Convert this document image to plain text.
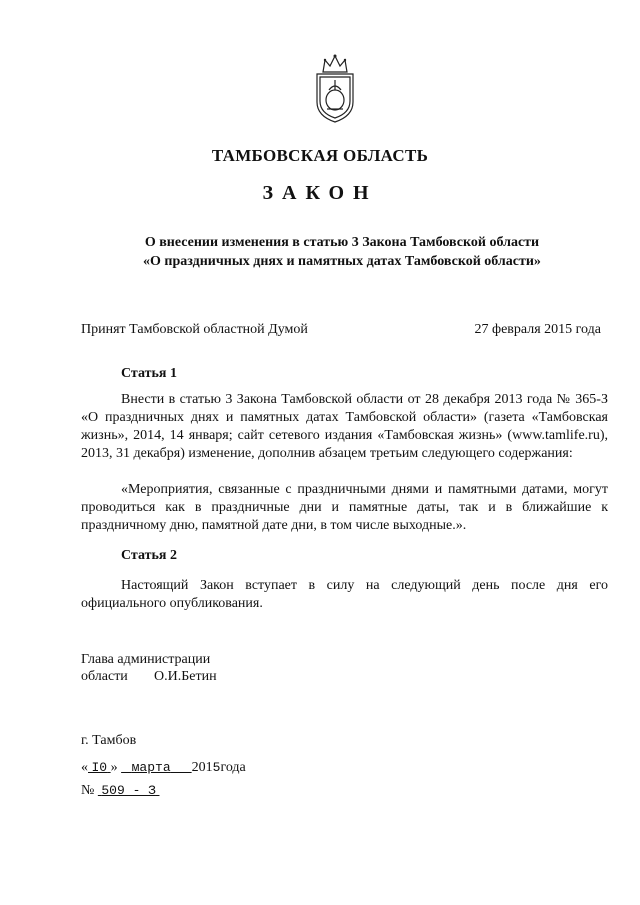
ТАМБОВСКАЯ ОБЛАСТЬ
ЗАКОН
О внесении изменения в статью 3 Закона Тамбовской области
«О праздничных днях и памятных датах Тамбовской области»
Принят Тамбовской областной Думой	27 февраля 2015 года
Статья 1
Внести в статью 3 Закона Тамбовской области от 28 декабря 2013 года № 365-З «О праздничных днях и памятных датах Тамбовской области» (газета «Тамбовская жизнь», 2014, 14 января; сайт сетевого издания «Тамбовская жизнь» (www.tamlife.ru), 2013, 31 декабря) изменение, дополнив абзацем третьим следующего содержания:
«Мероприятия, связанные с праздничными днями и памятными датами, могут проводиться как в праздничные дни и памятные даты, так и в ближайшие к праздничному дню, памятной дате дни, в том числе выходные.».
Статья 2
Настоящий Закон вступает в силу на следующий день после дня его официального опубликования.
Глава администрации
области	О.И.Бетин
г. Тамбов
« I0 » марта 2015года
№ 509 - З
